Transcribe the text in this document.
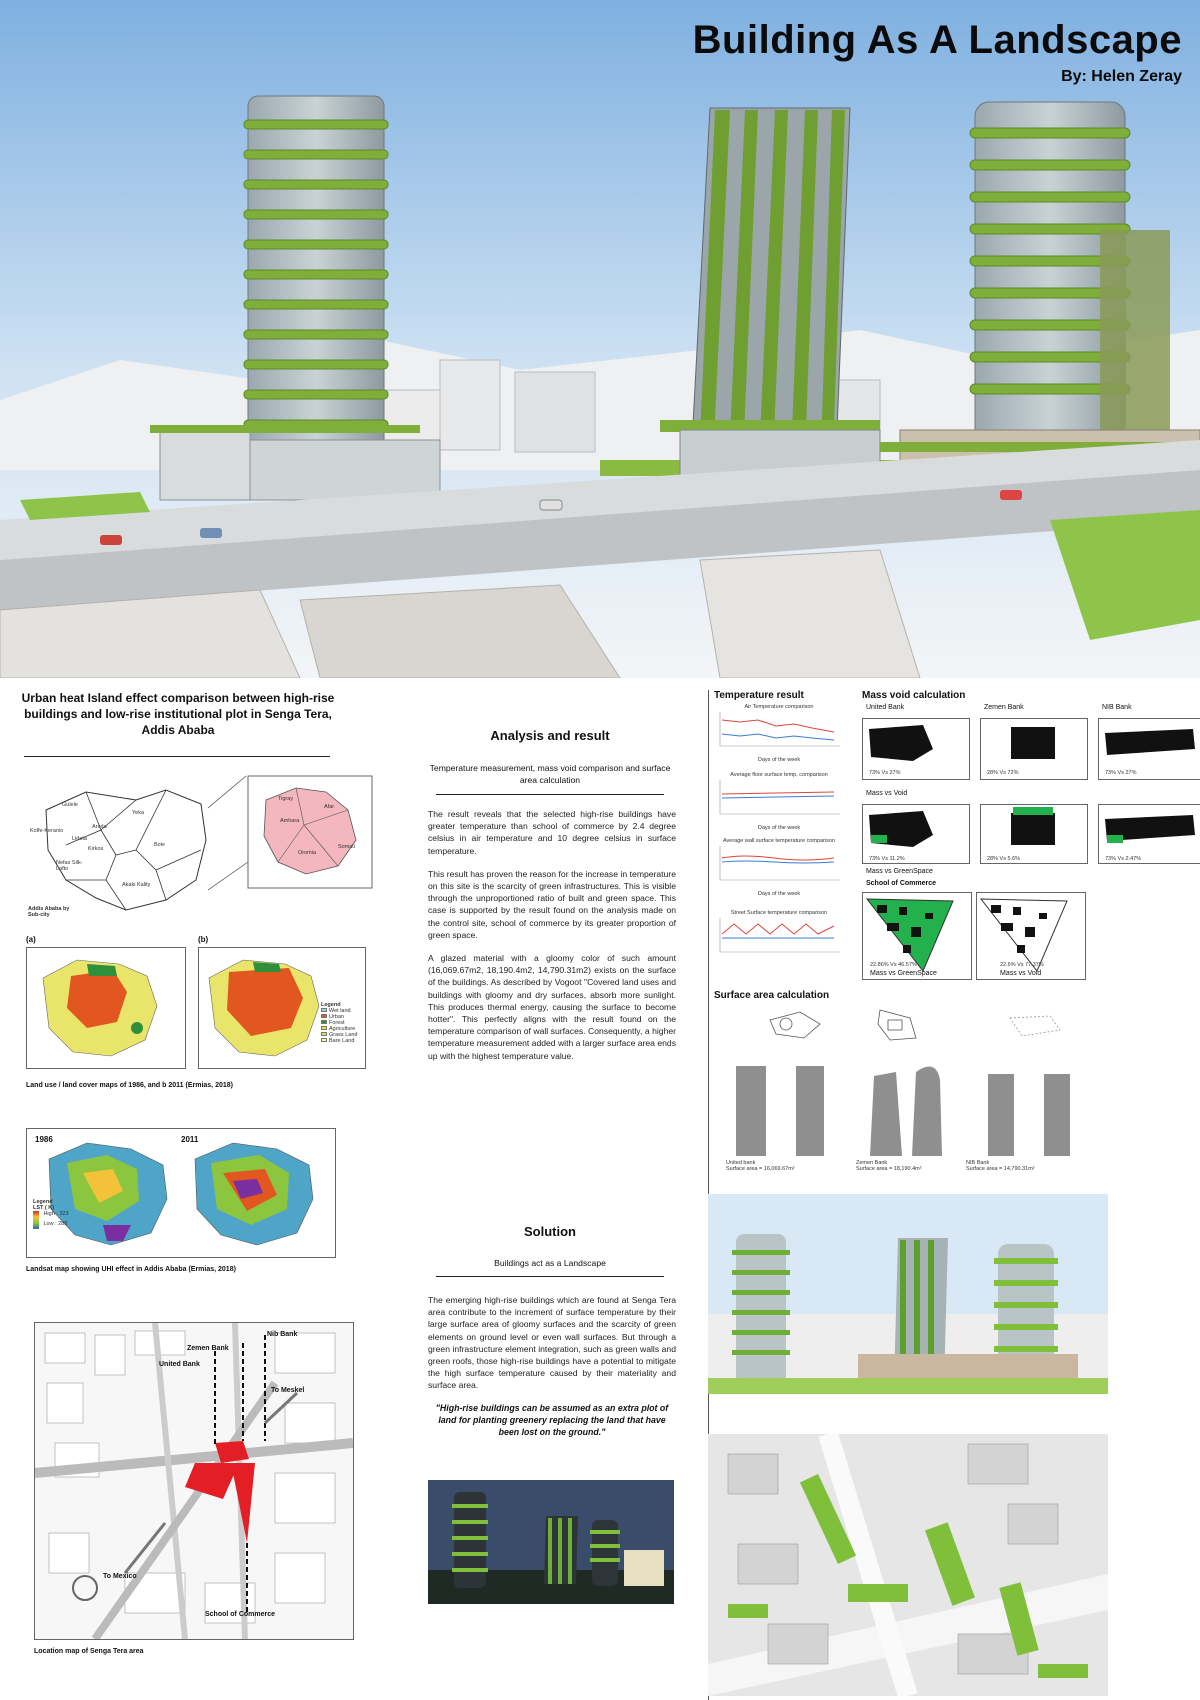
Building As A Landscape
By: Helen Zeray
Urban heat Island effect comparison between high-rise buildings and low-rise institutional plot in Senga Tera, Addis Ababa
Gulele
Yeka
Arada
Kolfe-Keranio
Lideta
Kirkos
Bole
Nefas Silk-Lafto
Akaki Kality
Tigray
Afar
Amhara
Somali
Oromia
Addis Ababa by Sub-city
(a)	(b)
Legend
Wet land
Urban
Forest
Agriculture
Grass Land
Bare Land
Land use / land cover maps of 1986, and b 2011 (Ermias, 2018)
1986	2011
Legend
LST ( K)

High : 323
Low : 288
Landsat map showing UHI effect in Addis Ababa (Ermias, 2018)
Nib Bank
Zemen Bank
United Bank
To Meskel
To Mexico
School of Commerce
Location map of Senga Tera area
Analysis and result
Temperature measurement, mass void comparison and surface area calculation

The result reveals that the selected high-rise buildings have greater temperature than school of commerce by 2.4 degree celsius in air temperature and 10 degree celsius in surface temperature.

This result has proven the reason for the increase in temperature on this site is the scarcity of green infrastructures. This is visible through the unproportioned ratio of built and green space. This case is supported by the result found on the analysis made on the control site, school of commerce by its greater proportion of green space.

A glazed material with a gloomy color of such amount (16,069.67m2, 18,190.4m2, 14,790.31m2) exists on the surface of the buildings. As described by Vogoot "Covered land uses and buildings with gloomy and dry surfaces, absorb more sunlight. This produces thermal energy, causing the surface to become hotter". This perfectly aligns with the result found on the temperature comparison of wall surfaces. Consequently, a higher temperature measurement added with a larger surface area ends up with the highest temperature value.

Solution
Buildings act as a Landscape

The emerging high-rise buildings which are found at Senga Tera area contribute to the increment of surface temperature by their large surface area of gloomy surfaces and the scarcity of green elements on ground level or even wall surfaces. But through a green infrastructure element integration, such as green walls and green roofs, those high-rise buildings have a potential to mitigate the high surface temperature caused by their materiality and surface area.

"High-rise buildings can be assumed as an extra plot of land for planting greenery replacing the land that have been lost on the ground."
Temperature result
Air Temperature comparison
Days of the week
Average floor surface temp. comparison
Days of the week
Average wall surface temperature comparison
Days of the week
Street Surface temperature comparison
Mass void calculation
United Bank	Zemen Bank	NIB Bank
73% Vs 27%	28% Vs 72%	73% Vs 27%
Mass vs Void
73% Vs 11.2%	28% Vs 5.6%	73% Vs 2.47%
Mass vs GreenSpace
School of Commerce
22.86% Vs 46.57%
Mass vs GreenSpace
22.6% Vs 77.37%
Mass vs Void
Surface area calculation
United bank
Surface area = 16,069.67m²
Zemen Bank
Surface area = 18,190.4m²
NIB Bank
Surface area = 14,790.31m²
